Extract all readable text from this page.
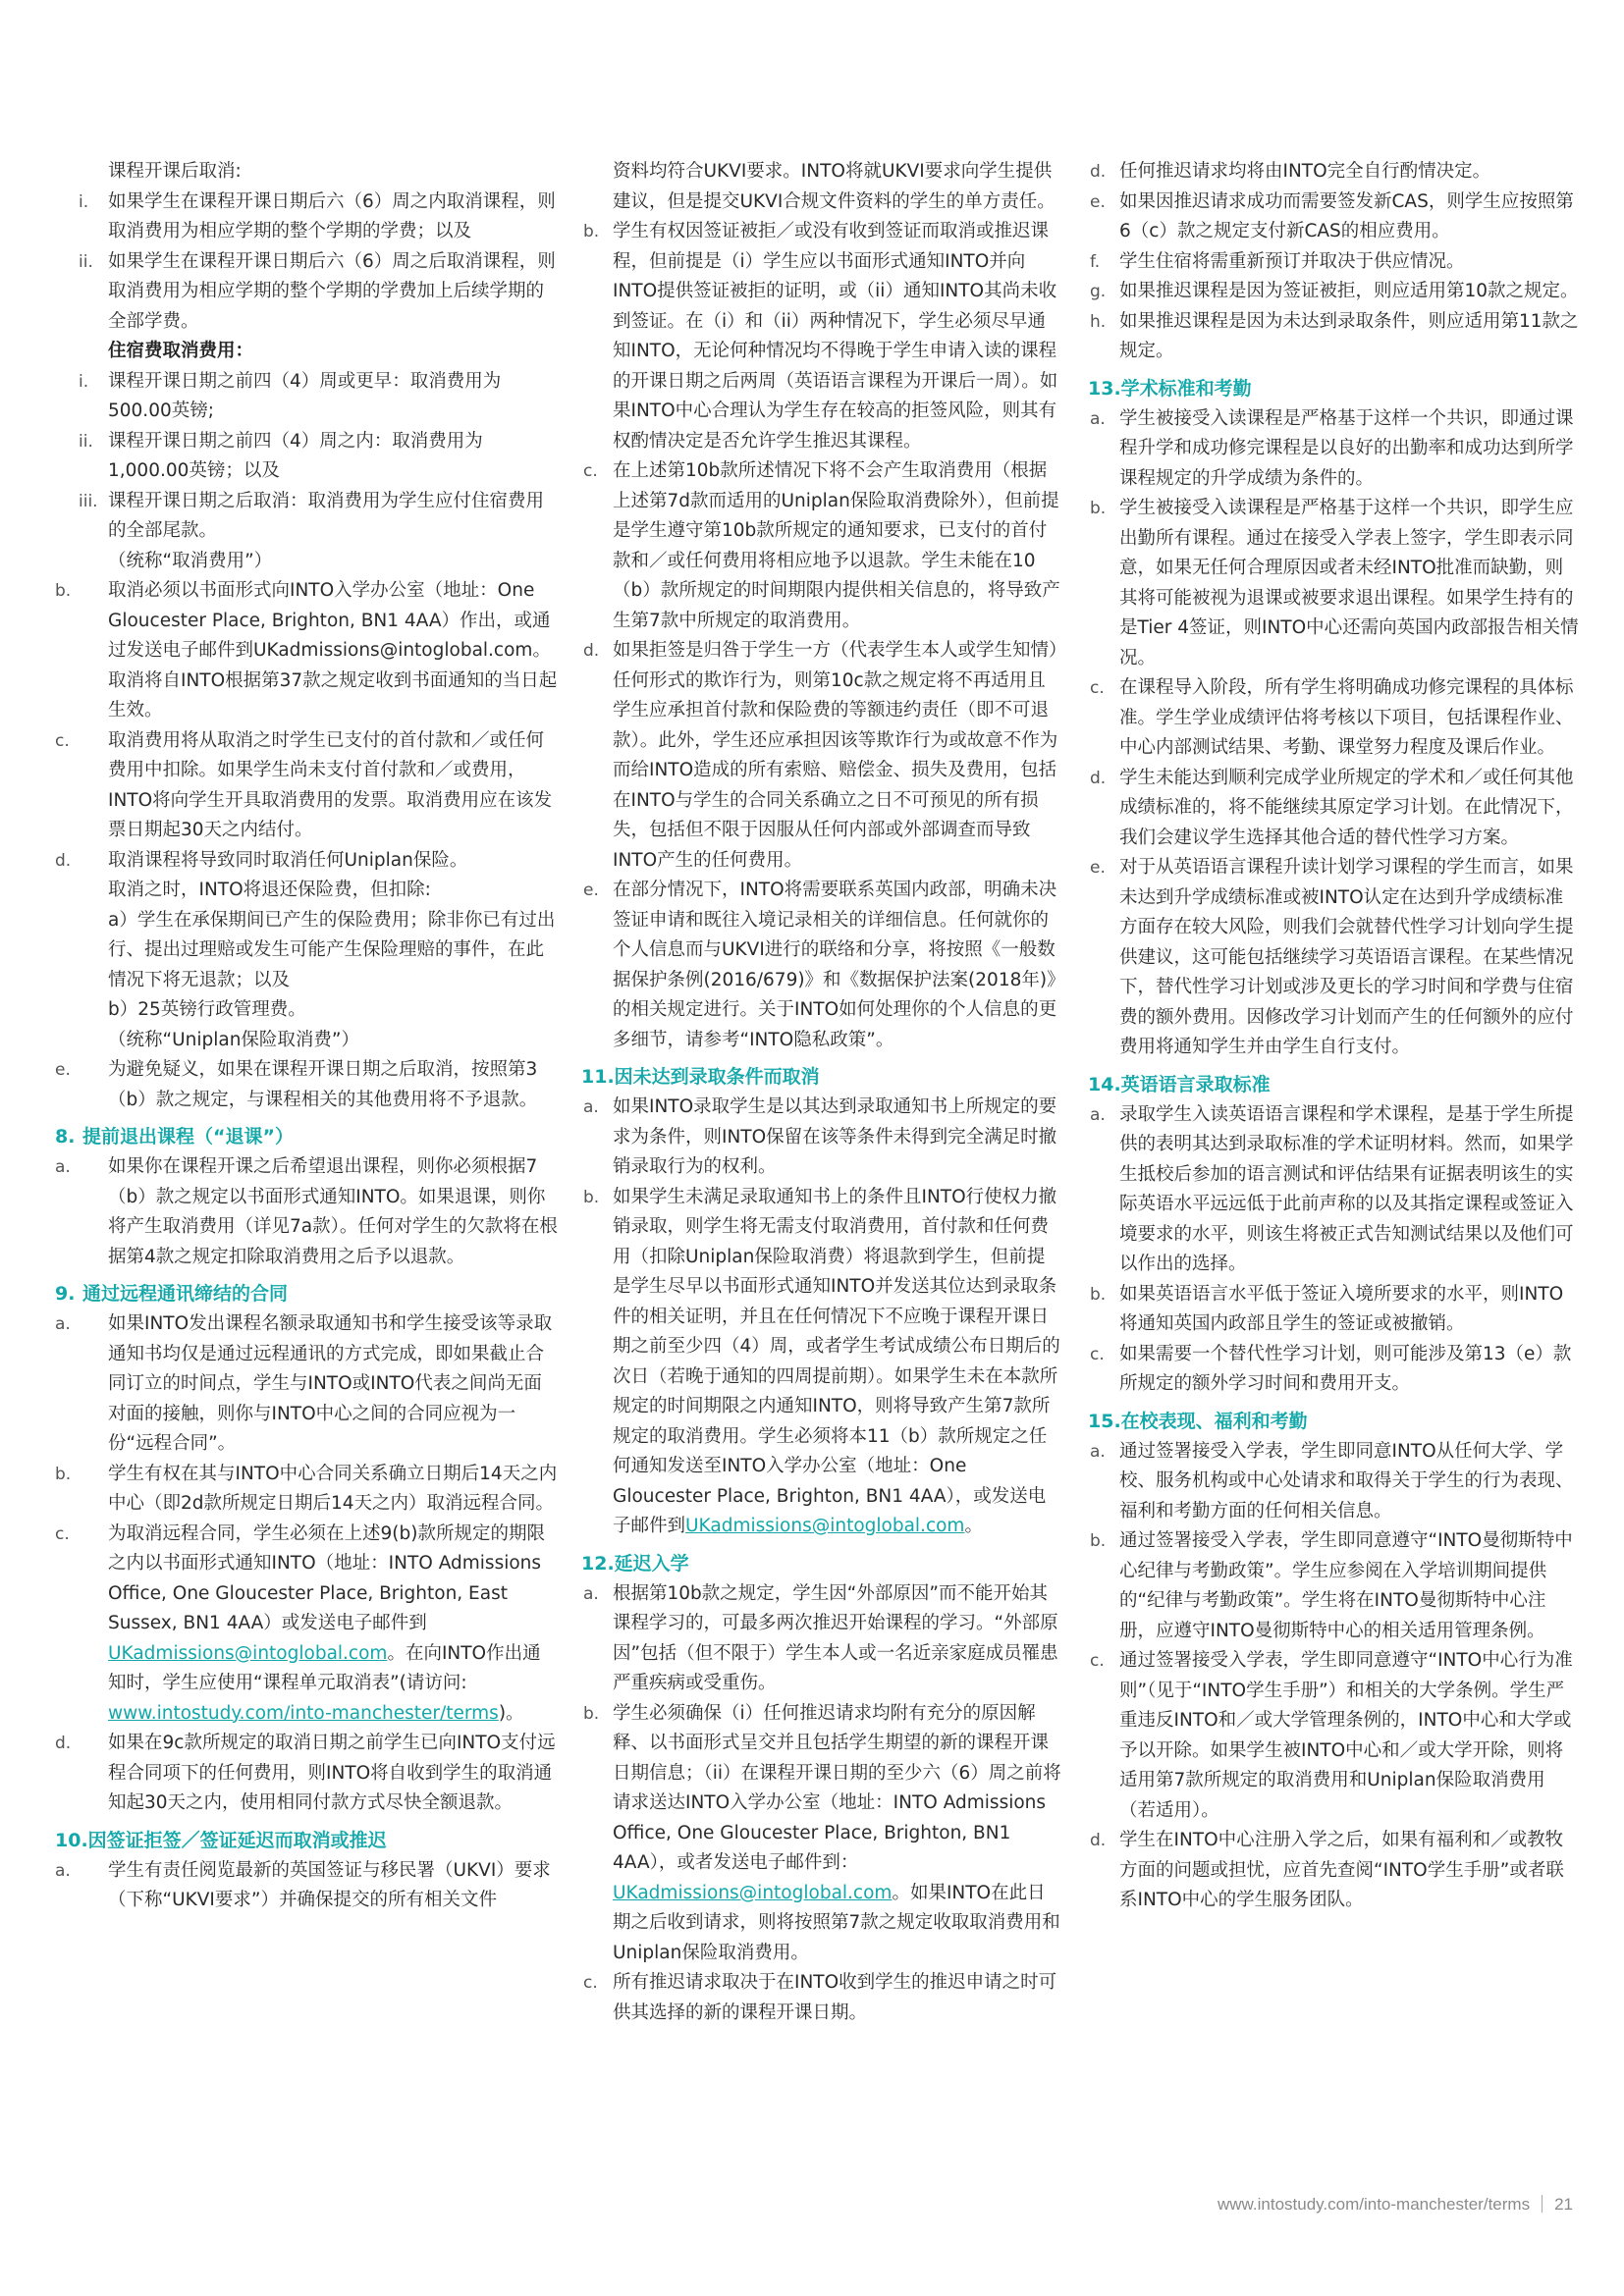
课程开课后取消:
i. 如果学生在课程开课日期后六（6）周之内取消课程，则取消费用为相应学期的整个学期的学费；以及
ii. 如果学生在课程开课日期后六（6）周之后取消课程，则取消费用为相应学期的整个学期的学费加上后续学期的全部学费。
住宿费取消费用：
i. 课程开课日期之前四（4）周或更早：取消费用为500.00英镑;
ii. 课程开课日期之前四（4）周之内：取消费用为1,000.00英镑；以及
iii. 课程开课日期之后取消：取消费用为学生应付住宿费用的全部尾款。
（统称“取消费用”）
b. 取消必须以书面形式向INTO入学办公室（地址：One Gloucester Place, Brighton, BN1 4AA）作出，或通过发送电子邮件到UKadmissions@intoglobal.com。取消将自INTO根据第37款之规定收到书面通知的当日起生效。
c. 取消费用将从取消之时学生已支付的首付款和／或任何费用中扣除。如果学生尚未支付首付款和／或费用，INTO将向学生开具取消费用的发票。取消费用应在该发票日期起30天之内结付。
d. 取消课程将导致同时取消任何Uniplan保险。
取消之时，INTO将退还保险费，但扣除:
a）学生在承保期间已产生的保险费用；除非你已有过出行、提出过理赔或发生可能产生保险理赔的事件，在此情况下将无退款；以及
b）25英镑行政管理费。
（统称“Uniplan保险取消费”）
e. 为避免疑义，如果在课程开课日期之后取消，按照第3（b）款之规定，与课程相关的其他费用将不予退款。
8. 提前退出课程（“退课”）
a. 如果你在课程开课之后希望退出课程，则你必须根据7（b）款之规定以书面形式通知INTO。如果退课，则你将产生取消费用（详见7a款）。任何对学生的欠款将在根据第4款之规定扣除取消费用之后予以退款。
9. 通过远程通讯缔结的合同
a. 如果INTO发出课程名额录取通知书和学生接受该等录取通知书均仅是通过远程通讯的方式完成，即如果截止合同订立的时间点，学生与INTO或INTO代表之间尚无面对面的接触，则你与INTO中心之间的合同应视为一份“远程合同”。
b. 学生有权在其与INTO中心合同关系确立日期后14天之内中心（即2d款所规定日期后14天之内）取消远程合同。
c. 为取消远程合同，学生必须在上述9(b)款所规定的期限之内以书面形式通知INTO（地址：INTO Admissions Office, One Gloucester Place, Brighton, East Sussex, BN1 4AA）或发送电子邮件到UKadmissions@intoglobal.com。在向INTO作出通知时，学生应使用“课程单元取消表”(请访问: www.intostudy.com/into-manchester/terms)。
d. 如果在9c款所规定的取消日期之前学生已向INTO支付远程合同项下的任何费用，则INTO将自收到学生的取消通知起30天之内，使用相同付款方式尽快全额退款。
10.因签证拒签／签证延迟而取消或推迟
a. 学生有责任阅览最新的英国签证与移民署（UKVI）要求（下称“UKVI要求”）并确保提交的所有相关文件
资料均符合UKVI要求。INTO将就UKVI要求向学生提供建议，但是提交UKVI合规文件资料的学生的单方责任。
b. 学生有权因签证被拒／或没有收到签证而取消或推迟课程，但前提是（i）学生应以书面形式通知INTO并向INTO提供签证被拒的证明，或（ii）通知INTO其尚未收到签证。在（i）和（ii）两种情况下，学生必须尽早通知INTO，无论何种情况均不得晚于学生申请入读的课程的开课日期之后两周（英语语言课程为开课后一周）。如果INTO中心合理认为学生存在较高的拒签风险，则其有权酌情决定是否允许学生推迟其课程。
c. 在上述第10b款所述情况下将不会产生取消费用（根据上述第7d款而适用的Uniplan保险取消费除外），但前提是学生遵守第10b款所规定的通知要求，已支付的首付款和／或任何费用将相应地予以退款。学生未能在10（b）款所规定的时间期限内提供相关信息的，将导致产生第7款中所规定的取消费用。
d. 如果拒签是归咎于学生一方（代表学生本人或学生知情）任何形式的欺诈行为，则第10c款之规定将不再适用且学生应承担首付款和保险费的等额违约责任（即不可退款）。此外，学生还应承担因该等欺诈行为或故意不作为而给INTO造成的所有索赔、赔偿金、损失及费用，包括在INTO与学生的合同关系确立之日不可预见的所有损失，包括但不限于因服从任何内部或外部调查而导致INTO产生的任何费用。
e. 在部分情况下，INTO将需要联系英国内政部，明确未决签证申请和既往入境记录相关的详细信息。任何就你的个人信息而与UKVI进行的联络和分享，将按照《一般数据保护条例(2016/679)》和《数据保护法案(2018年)》的相关规定进行。关于INTO如何处理你的个人信息的更多细节，请参考“INTO隐私政策”。
11.因未达到录取条件而取消
a. 如果INTO录取学生是以其达到录取通知书上所规定的要求为条件，则INTO保留在该等条件未得到完全满足时撤销录取行为的权利。
b. 如果学生未满足录取通知书上的条件且INTO行使权力撤销录取，则学生将无需支付取消费用，首付款和任何费用（扣除Uniplan保险取消费）将退款到学生，但前提是学生尽早以书面形式通知INTO并发送其位达到录取条件的相关证明，并且在任何情况下不应晚于课程开课日期之前至少四（4）周，或者学生考试成绩公布日期后的次日（若晚于通知的四周提前期）。如果学生未在本款所规定的时间期限之内通知INTO，则将导致产生第7款所规定的取消费用。学生必须将本11（b）款所规定之任何通知发送至INTO入学办公室（地址：One Gloucester Place, Brighton, BN1 4AA），或发送电子邮件到UKadmissions@intoglobal.com。
12.延迟入学
a. 根据第10b款之规定，学生因“外部原因”而不能开始其课程学习的，可最多两次推迟开始课程的学习。“外部原因”包括（但不限于）学生本人或一名近亲家庭成员罹患严重疾病或受重伤。
b. 学生必须确保（i）任何推迟请求均附有充分的原因解释、以书面形式呈交并且包括学生期望的新的课程开课日期信息；（ii）在课程开课日期的至少六（6）周之前将请求送达INTO入学办公室（地址：INTO Admissions Office, One Gloucester Place, Brighton, BN1 4AA），或者发送电子邮件到：UKadmissions@intoglobal.com。如果INTO在此日期之后收到请求，则将按照第7款之规定收取取消费用和Uniplan保险取消费用。
c. 所有推迟请求取决于在INTO收到学生的推迟申请之时可供其选择的新的课程开课日期。
d. 任何推迟请求均将由INTO完全自行酌情决定。
e. 如果因推迟请求成功而需要签发新CAS，则学生应按照第6（c）款之规定支付新CAS的相应费用。
f. 学生住宿将需重新预订并取决于供应情况。
g. 如果推迟课程是因为签证被拒，则应适用第10款之规定。
h. 如果推迟课程是因为未达到录取条件，则应适用第11款之规定。
13.学术标准和考勤
a. 学生被接受入读课程是严格基于这样一个共识，即通过课程升学和成功修完课程是以良好的出勤率和成功达到所学课程规定的升学成绩为条件的。
b. 学生被接受入读课程是严格基于这样一个共识，即学生应出勤所有课程。通过在接受入学表上签字，学生即表示同意，如果无任何合理原因或者未经INTO批准而缺勤，则其将可能被视为退课或被要求退出课程。如果学生持有的是Tier 4签证，则INTO中心还需向英国内政部报告相关情况。
c. 在课程导入阶段，所有学生将明确成功修完课程的具体标准。学生学业成绩评估将考核以下项目，包括课程作业、中心内部测试结果、考勤、课堂努力程度及课后作业。
d. 学生未能达到顺利完成学业所规定的学术和／或任何其他成绩标准的，将不能继续其原定学习计划。在此情况下，我们会建议学生选择其他合适的替代性学习方案。
e. 对于从英语语言课程升读计划学习课程的学生而言，如果未达到升学成绩标准或被INTO认定在达到升学成绩标准方面存在较大风险，则我们会就替代性学习计划向学生提供建议，这可能包括继续学习英语语言课程。在某些情况下，替代性学习计划或涉及更长的学习时间和学费与住宿费的额外费用。因修改学习计划而产生的任何额外的应付费用将通知学生并由学生自行支付。
14.英语语言录取标准
a. 录取学生入读英语语言课程和学术课程，是基于学生所提供的表明其达到录取标准的学术证明材料。然而，如果学生抵校后参加的语言测试和评估结果有证据表明该生的实际英语水平远远低于此前声称的以及其指定课程或签证入境要求的水平，则该生将被正式告知测试结果以及他们可以作出的选择。
b. 如果英语语言水平低于签证入境所要求的水平，则INTO将通知英国内政部且学生的签证或被撤销。
c. 如果需要一个替代性学习计划，则可能涉及第13（e）款所规定的额外学习时间和费用开支。
15.在校表现、福利和考勤
a. 通过签署接受入学表，学生即同意INTO从任何大学、学校、服务机构或中心处请求和取得关于学生的行为表现、福利和考勤方面的任何相关信息。
b. 通过签署接受入学表，学生即同意遵守“INTO曼彻斯特中心纪律与考勤政策”。学生应参阅在入学培训期间提供的“纪律与考勤政策”。学生将在INTO曼彻斯特中心注册，应遵守INTO曼彻斯特中心的相关适用管理条例。
c. 通过签署接受入学表，学生即同意遵守“INTO中心行为准则”（见于“INTO学生手册”）和相关的大学条例。学生严重违反INTO和／或大学管理条例的，INTO中心和大学或予以开除。如果学生被INTO中心和／或大学开除，则将适用第7款所规定的取消费用和Uniplan保险取消费用（若适用）。
d. 学生在INTO中心注册入学之后，如果有福利和／或教牧方面的问题或担忧，应首先查阅“INTO学生手册”或者联系INTO中心的学生服务团队。
www.intostudy.com/into-manchester/terms 21
